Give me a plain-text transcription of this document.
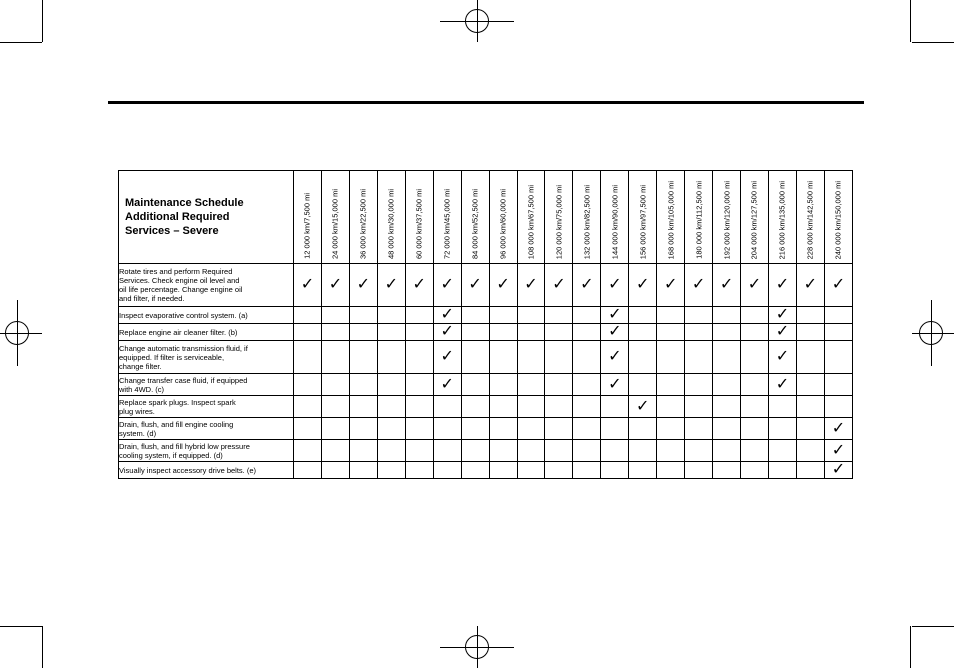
Maintenance Schedule
Additional Required
Services – Severe	12 000 km/7,500 mi	24 000 km/15,000 mi	36 000 km/22,500 mi	48 000 km/30,000 mi	60 000 km/37,500 mi	72 000 km/45,000 mi	84 000 km/52,500 mi	96 000 km/60,000 mi	108 000 km/67,500 mi	120 000 km/75,000 mi	132 000 km/82,500 mi	144 000 km/90,000 mi	156 000 km/97,500 mi	168 000 km/105,000 mi	180 000 km/112,500 mi	192 000 km/120,000 mi	204 000 km/127,500 mi	216 000 km/135,000 mi	228 000 km/142,500 mi	240 000 km/150,000 mi

Rotate tires and perform Required
Services. Check engine oil level and
oil life percentage. Change engine oil
and filter, if needed.	✓	✓	✓	✓	✓	✓	✓	✓	✓	✓	✓	✓	✓	✓	✓	✓	✓	✓	✓	✓

Inspect evaporative control system. (a)						✓						✓						✓		

Replace engine air cleaner filter. (b)						✓						✓						✓		

Change automatic transmission fluid, if
equipped. If filter is serviceable,
change filter.						✓						✓						✓		

Change transfer case fluid, if equipped
with 4WD. (c)						✓						✓						✓		

Replace spark plugs. Inspect spark
plug wires.													✓							

Drain, flush, and fill engine cooling
system. (d)																				✓

Drain, flush, and fill hybrid low pressure
cooling system, if equipped. (d)																				✓

Visually inspect accessory drive belts. (e)																				✓
